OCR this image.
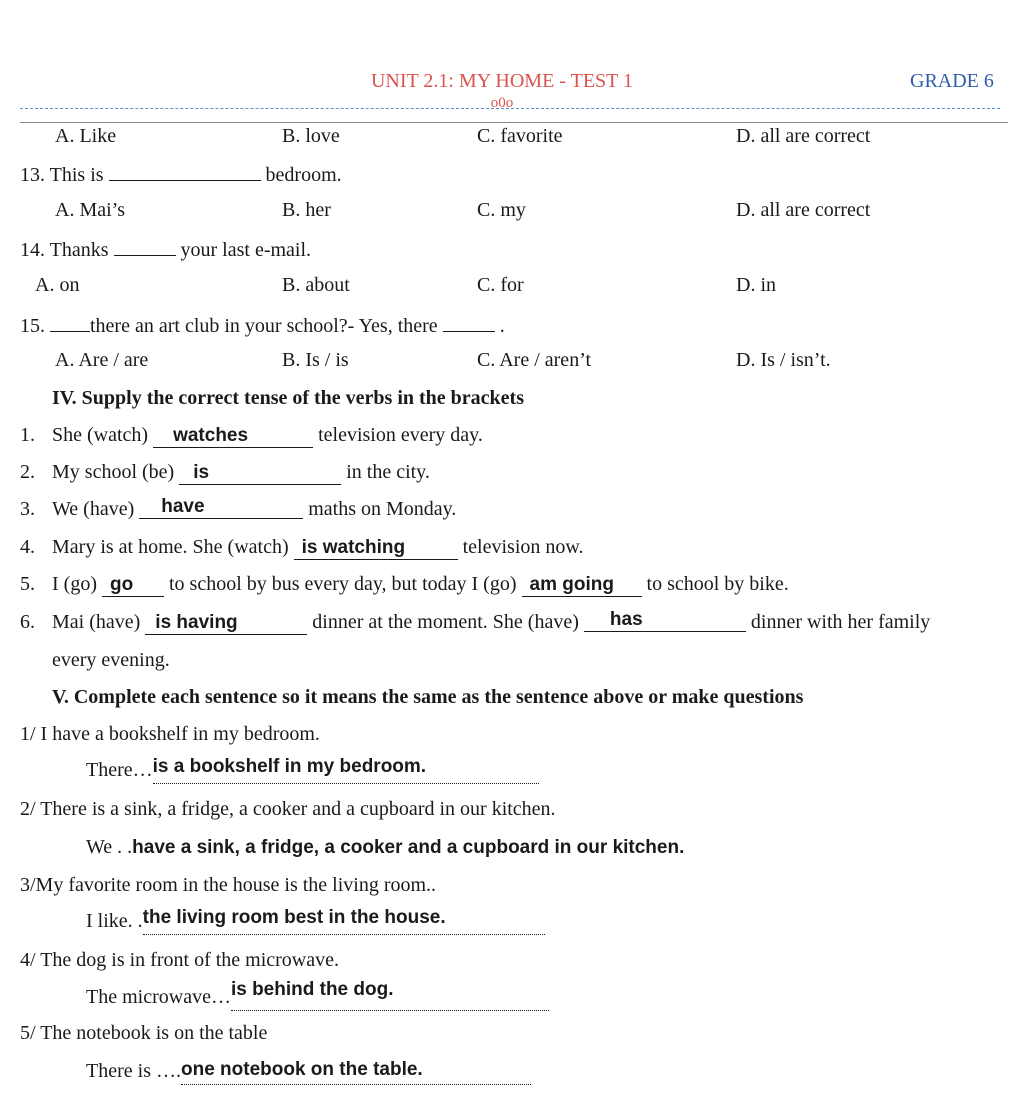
UNIT 2.1: MY HOME - TEST 1	GRADE 6
o0o
A. Like	B. love	C. favorite	D. all are correct
13. This is	bedroom.
A. Mai’s	B. her	C. my	D. all are correct
14. Thanks	your last e-mail.
A. on	B. about	C. for	D. in
15. there an art club in your school?- Yes, there	.
A. Are / are	B. Is / is	C. Are / aren’t	D. Is / isn’t.
IV. Supply the correct tense of the verbs in the brackets
1. She (watch) watches	television every day.
2. My school (be) is	in the city.
3. We (have) have	maths on Monday.
4. Mary is at home. She (watch) is watching	television now.
5. I (go) go to school by bus every day, but today I (go) am going to school by bike.
6. Mai (have) is having	dinner at the moment. She (have) has	dinner with her family
every evening.
V. Complete each sentence so it means the same as the sentence above or make questions
1/ I have a bookshelf in my bedroom.
There…is a bookshelf in my bedroom.
2/ There is a sink, a fridge, a cooker and a cupboard in our kitchen.
We . .have a sink, a fridge, a cooker and a cupboard in our kitchen.
3/My favorite room in the house is the living room..
I like. .the living room best in the house.
4/ The dog is in front of the microwave.
The microwave…is behind the dog.
5/ The notebook is on the table
There is ….one notebook on the table.
